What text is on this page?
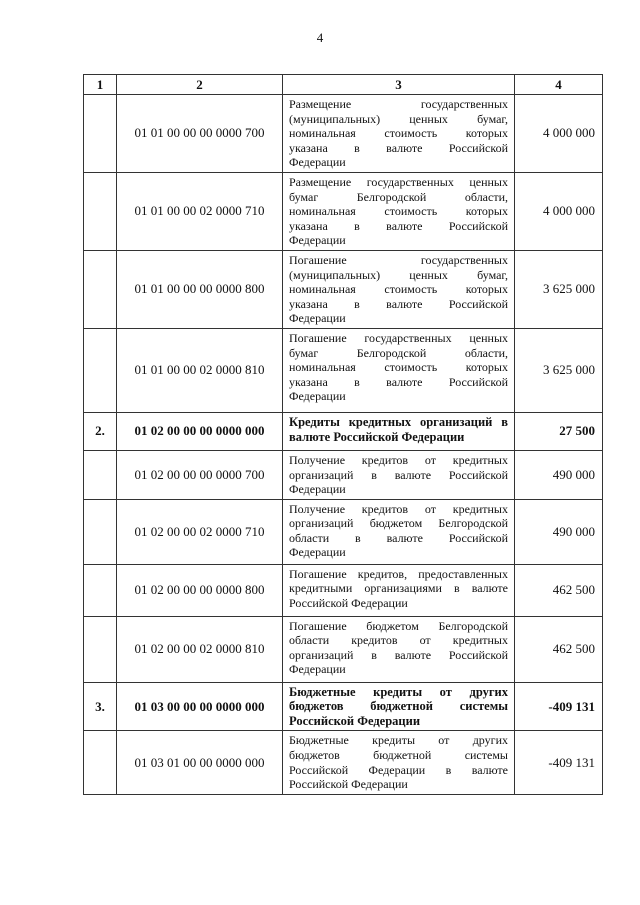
4
1	2	3	4
	01 01 00 00 00 0000 700	Размещение государственных
(муниципальных) ценных бумаг,
номинальная стоимость которых
указана в валюте Российской
Федерации	4 000 000
	01 01 00 00 02 0000 710	Размещение государственных ценных
бумаг Белгородской области,
номинальная стоимость которых
указана в валюте Российской
Федерации	4 000 000
	01 01 00 00 00 0000 800	Погашение государственных
(муниципальных) ценных бумаг,
номинальная стоимость которых
указана в валюте Российской
Федерации	3 625 000
	01 01 00 00 02 0000 810	Погашение государственных ценных
бумаг Белгородской области,
номинальная стоимость которых
указана в валюте Российской
Федерации	3 625 000
2.	01 02 00 00 00 0000 000	Кредиты кредитных организаций в
валюте Российской Федерации	27 500
	01 02 00 00 00 0000 700	Получение кредитов от кредитных
организаций в валюте Российской
Федерации	490 000
	01 02 00 00 02 0000 710	Получение кредитов от кредитных
организаций бюджетом Белгородской
области в валюте Российской
Федерации	490 000
	01 02 00 00 00 0000 800	Погашение кредитов, предоставленных
кредитными организациями в валюте
Российской Федерации	462 500
	01 02 00 00 02 0000 810	Погашение бюджетом Белгородской
области кредитов от кредитных
организаций в валюте Российской
Федерации	462 500
3.	01 03 00 00 00 0000 000	Бюджетные кредиты от других
бюджетов бюджетной системы
Российской Федерации	-409 131
	01 03 01 00 00 0000 000	Бюджетные кредиты от других
бюджетов бюджетной системы
Российской Федерации в валюте
Российской Федерации	-409 131
